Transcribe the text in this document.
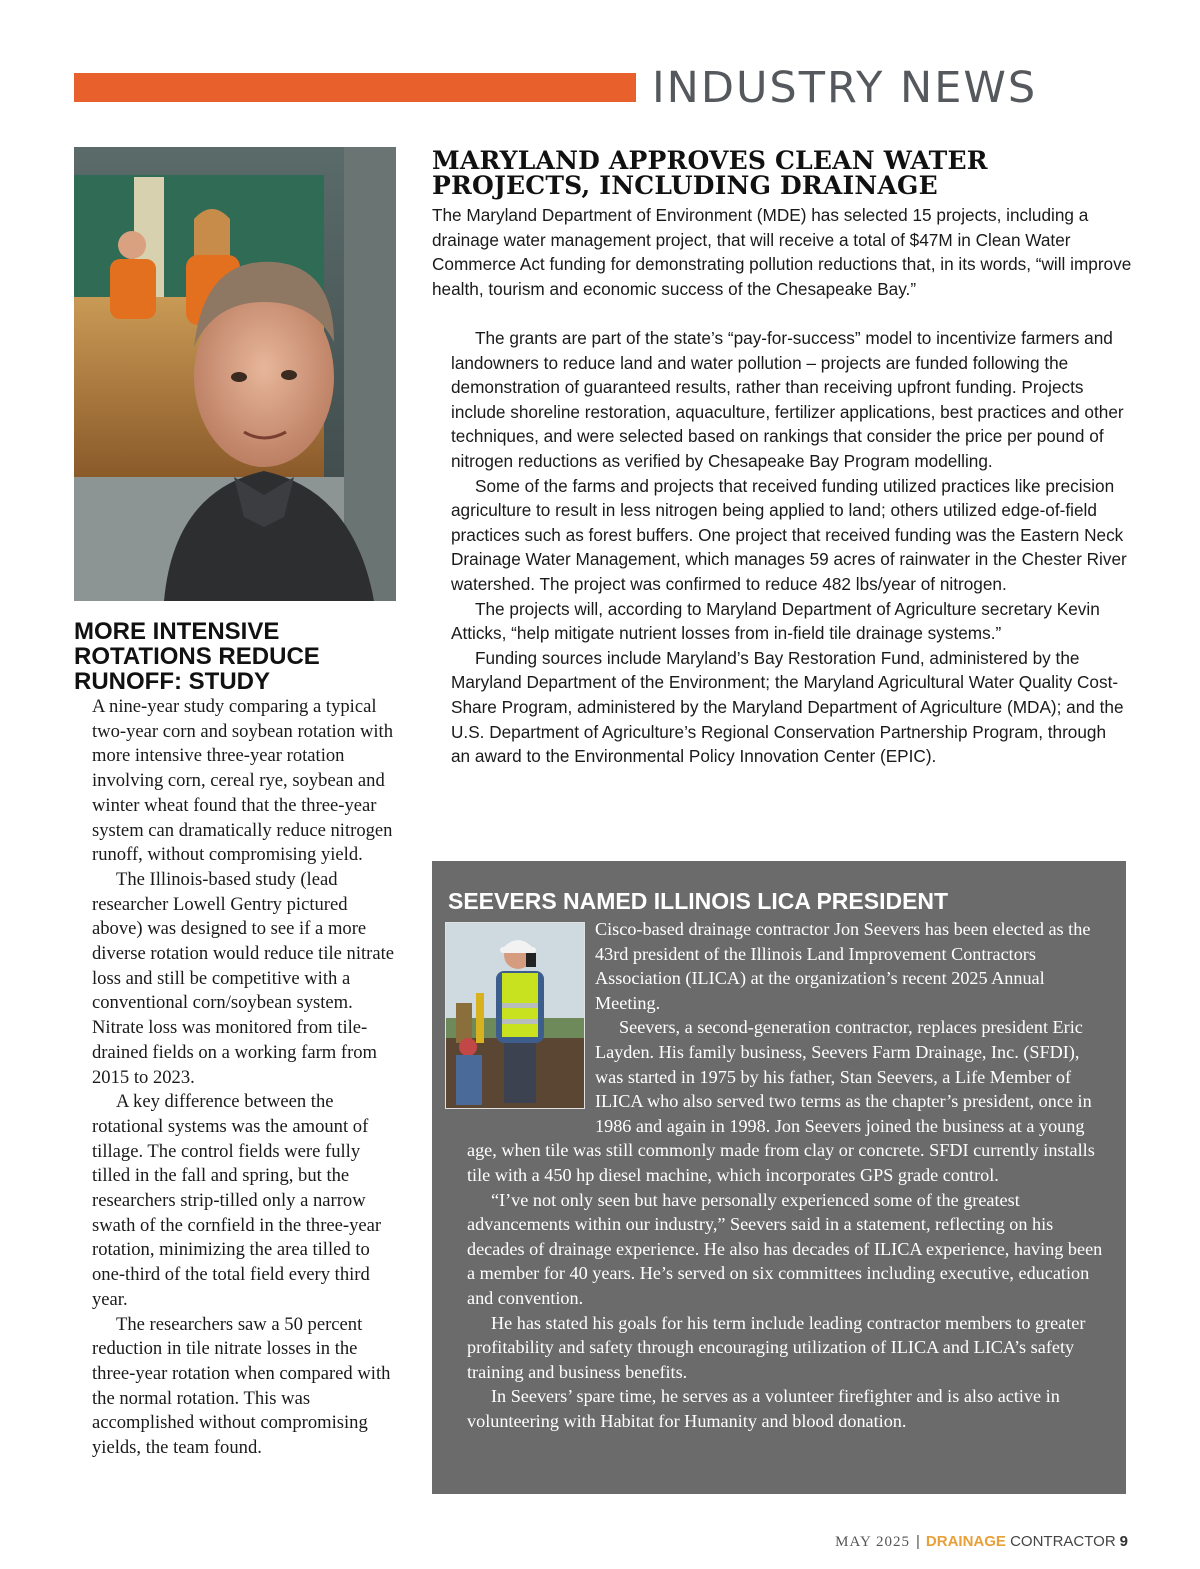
INDUSTRY NEWS
MORE INTENSIVE ROTATIONS REDUCE RUNOFF: STUDY

A nine-year study comparing a typical two-year corn and soybean rotation with more intensive three-year rotation involving corn, cereal rye, soybean and winter wheat found that the three-year system can dramatically reduce nitrogen runoff, without compromising yield.

The Illinois-based study (lead researcher Lowell Gentry pictured above) was designed to see if a more diverse rotation would reduce tile nitrate loss and still be competitive with a conventional corn/soybean system. Nitrate loss was monitored from tile-drained fields on a working farm from 2015 to 2023.

A key difference between the rotational systems was the amount of tillage. The control fields were fully tilled in the fall and spring, but the researchers strip-tilled only a narrow swath of the cornfield in the three-year rotation, minimizing the area tilled to one-third of the total field every third year.

The researchers saw a 50 percent reduction in tile nitrate losses in the three-year rotation when compared with the normal rotation. This was accomplished without compromising yields, the team found.

MARYLAND APPROVES CLEAN WATER PROJECTS, INCLUDING DRAINAGE
The Maryland Department of Environment (MDE) has selected 15 projects, including a drainage water management project, that will receive a total of $47M in Clean Water Commerce Act funding for demonstrating pollution reductions that, in its words, “will improve health, tourism and economic success of the Chesapeake Bay.”

The grants are part of the state’s “pay-for-success” model to incentivize farmers and landowners to reduce land and water pollution – projects are funded following the demonstration of guaranteed results, rather than receiving upfront funding. Projects include shoreline restoration, aquaculture, fertilizer applications, best practices and other techniques, and were selected based on rankings that consider the price per pound of nitrogen reductions as verified by Chesapeake Bay Program modelling.

Some of the farms and projects that received funding utilized practices like precision agriculture to result in less nitrogen being applied to land; others utilized edge-of-field practices such as forest buffers. One project that received funding was the Eastern Neck Drainage Water Management, which manages 59 acres of rainwater in the Chester River watershed. The project was confirmed to reduce 482 lbs/year of nitrogen.

The projects will, according to Maryland Department of Agriculture secretary Kevin Atticks, “help mitigate nutrient losses from in-field tile drainage systems.”

Funding sources include Maryland’s Bay Restoration Fund, administered by the Maryland Department of the Environment; the Maryland Agricultural Water Quality Cost-Share Program, administered by the Maryland Department of Agriculture (MDA); and the U.S. Department of Agriculture’s Regional Conservation Partnership Program, through an award to the Environmental Policy Innovation Center (EPIC).

SEEVERS NAMED ILLINOIS LICA PRESIDENT

Cisco-based drainage contractor Jon Seevers has been elected as the 43rd president of the Illinois Land Improvement Contractors Association (ILICA) at the organization’s recent 2025 Annual Meeting.

Seevers, a second-generation contractor, replaces president Eric Layden. His family business, Seevers Farm Drainage, Inc. (SFDI), was started in 1975 by his father, Stan Seevers, a Life Member of ILICA who also served two terms as the chapter’s president, once in 1986 and again in 1998. Jon Seevers joined the business at a young age, when tile was still commonly made from clay or concrete. SFDI currently installs tile with a 450 hp diesel machine, which incorporates GPS grade control.

“I’ve not only seen but have personally experienced some of the greatest advancements within our industry,” Seevers said in a statement, reflecting on his decades of drainage experience. He also has decades of ILICA experience, having been a member for 40 years. He’s served on six committees including executive, education and convention.

He has stated his goals for his term include leading contractor members to greater profitability and safety through encouraging utilization of ILICA and LICA’s safety training and business benefits.

In Seevers’ spare time, he serves as a volunteer firefighter and is also active in volunteering with Habitat for Humanity and blood donation.

MAY 2025 | DRAINAGE CONTRACTOR 9
